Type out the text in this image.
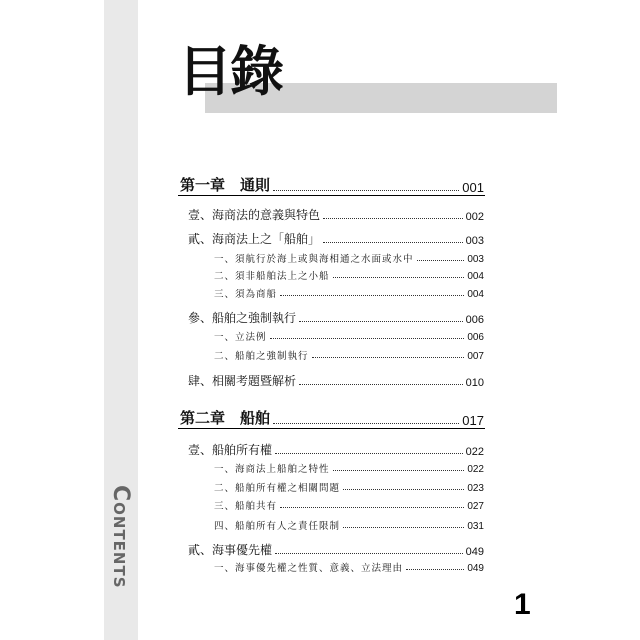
Contents
目錄
第一章　通則	001
壹、海商法的意義與特色	002
貳、海商法上之「船舶」	003
一、須航行於海上或與海相通之水面或水中	003
二、須非船舶法上之小船	004
三、須為商船	004
參、船舶之強制執行	006
一、立法例	006
二、船舶之強制執行	007
肆、相關考題暨解析	010
第二章　船舶	017
壹、船舶所有權	022
一、海商法上船舶之特性	022
二、船舶所有權之相關問題	023
三、船舶共有	027
四、船舶所有人之責任限制	031
貳、海事優先權	049
一、海事優先權之性質、意義、立法理由	049
1
